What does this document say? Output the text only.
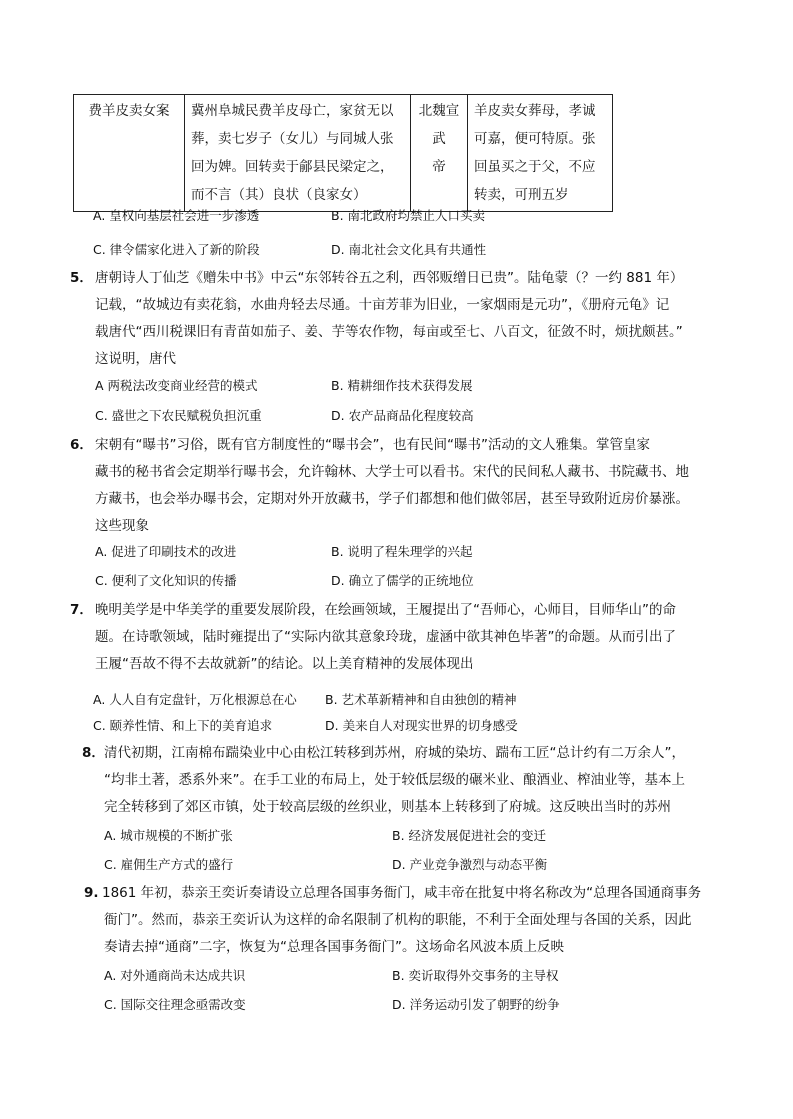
费羊皮卖女案	冀州阜城民费羊皮母亡，家贫无以
葬，卖七岁子（女儿）与同城人张
回为婢。回转卖于鄃县民梁定之，
而不言（其）良状（良家女）

北魏宣武
帝

羊皮卖女葬母，孝诚
可嘉，便可特原。张
回虽买之于父，不应
转卖，可刑五岁
A. 皇权向基层社会进一步渗透	B. 南北政府均禁止人口买卖
C. 律令儒家化进入了新的阶段	D. 南北社会文化具有共通性
5． 唐朝诗人丁仙芝《赠朱中书》中云“东邻转谷五之利，西邻贩缯日已贵”。陆龟蒙（？一约 881 年）
记载，“故城边有卖花翁，水曲舟轻去尽通。十亩芳菲为旧业，一家烟雨是元功”，《册府元龟》记
载唐代“西川税课旧有青苗如茄子、姜、芋等农作物，每亩或至七、八百文，征敛不时，烦扰颇甚。”
这说明，唐代
A 两税法改变商业经营的模式	B. 精耕细作技术获得发展
C. 盛世之下农民赋税负担沉重	D. 农产品商品化程度较高
6． 宋朝有“曝书”习俗，既有官方制度性的“曝书会”，也有民间“曝书”活动的文人雅集。掌管皇家
藏书的秘书省会定期举行曝书会，允许翰林、大学士可以看书。宋代的民间私人藏书、书院藏书、地
方藏书，也会举办曝书会，定期对外开放藏书，学子们都想和他们做邻居，甚至导致附近房价暴涨。
这些现象
A. 促进了印刷技术的改进	B. 说明了程朱理学的兴起
C. 便利了文化知识的传播	D. 确立了儒学的正统地位
7． 晚明美学是中华美学的重要发展阶段，在绘画领域，王履提出了“吾师心，心师目，目师华山”的命
题。在诗歌领域，陆时雍提出了“实际内欲其意象玲珑，虚涵中欲其神色毕著”的命题。从而引出了
王履“吾故不得不去故就新”的结论。以上美育精神的发展体现出
A. 人人自有定盘针，万化根源总在心 B. 艺术革新精神和自由独创的精神
C. 颐养性情、和上下的美育追求	D. 美来自人对现实世界的切身感受
8． 清代初期，江南棉布踹染业中心由松江转移到苏州，府城的染坊、踹布工匠“总计约有二万余人”，
“均非土著，悉系外来”。在手工业的布局上，处于较低层级的碾米业、酿酒业、榨油业等，基本上
完全转移到了郊区市镇，处于较高层级的丝织业，则基本上转移到了府城。这反映出当时的苏州
A. 城市规模的不断扩张	B. 经济发展促进社会的变迁
C. 雇佣生产方式的盛行	D. 产业竞争激烈与动态平衡
9. 1861 年初，恭亲王奕䜣奏请设立总理各国事务衙门，咸丰帝在批复中将名称改为“总理各国通商事务
衙门”。然而，恭亲王奕䜣认为这样的命名限制了机构的职能，不利于全面处理与各国的关系，因此
奏请去掉“通商”二字，恢复为“总理各国事务衙门”。这场命名风波本质上反映
A. 对外通商尚未达成共识	B. 奕䜣取得外交事务的主导权
C. 国际交往理念亟需改变	D. 洋务运动引发了朝野的纷争
